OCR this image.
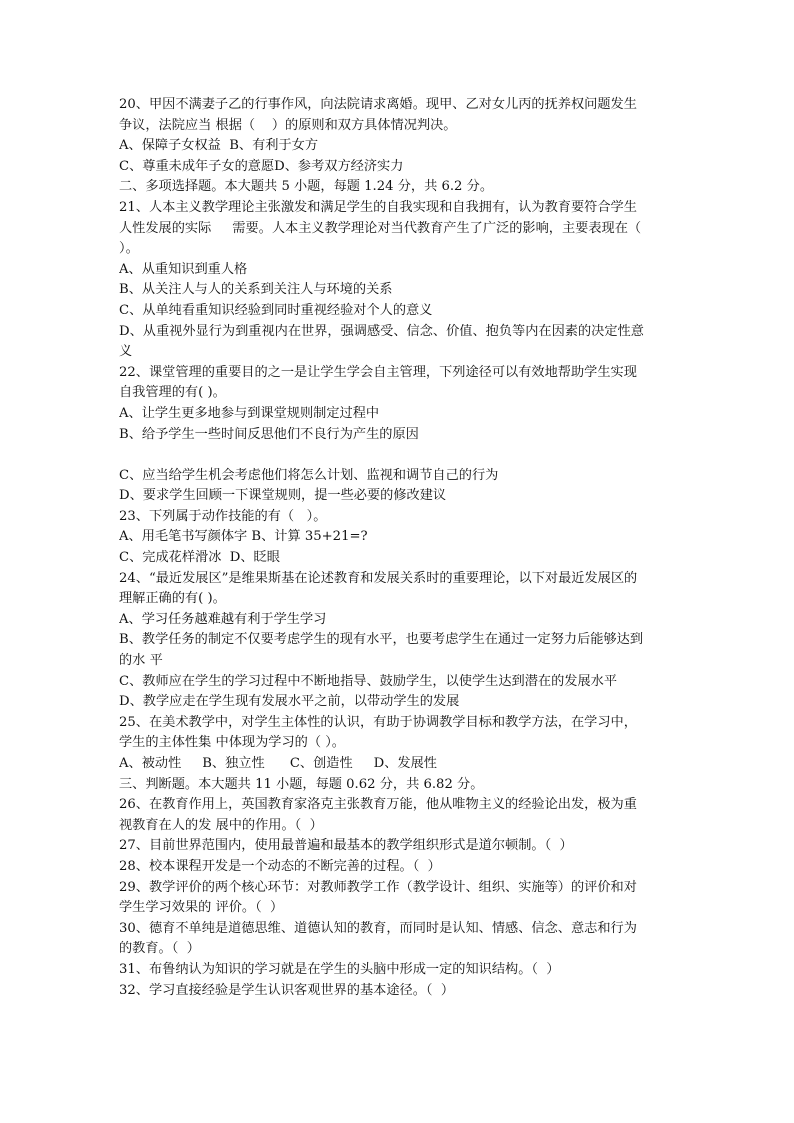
20、甲因不满妻子乙的行事作风，向法院请求离婚。现甲、乙对女儿丙的抚养权问题发生
争议，法院应当 根据（    ）的原则和双方具体情况判决。
A、保障子女权益  B、有利于女方
C、尊重未成年子女的意愿D、参考双方经济实力
二、多项选择题。本大题共 5 小题，每题 1.24 分，共 6.2 分。
21、人本主义教学理论主张激发和满足学生的自我实现和自我拥有，认为教育要符合学生
人性发展的实际     需要。人本主义教学理论对当代教育产生了广泛的影响，主要表现在（
）。
A、从重知识到重人格
B、从关注人与人的关系到关注人与环境的关系
C、从单纯看重知识经验到同时重视经验对个人的意义
D、从重视外显行为到重视内在世界，强调感受、信念、价值、抱负等内在因素的决定性意
义
22、课堂管理的重要目的之一是让学生学会自主管理，下列途径可以有效地帮助学生实现
自我管理的有( )。
A、让学生更多地参与到课堂规则制定过程中
B、给予学生一些时间反思他们不良行为产生的原因
C、应当给学生机会考虑他们将怎么计划、监视和调节自己的行为
D、要求学生回顾一下课堂规则，提一些必要的修改建议
23、下列属于动作技能的有（   ）。
A、用毛笔书写颜体字 B、计算 35+21=?
C、完成花样滑冰  D、眨眼
24、“最近发展区”是维果斯基在论述教育和发展关系时的重要理论，以下对最近发展区的
理解正确的有( )。
A、学习任务越难越有利于学生学习
B、教学任务的制定不仅要考虑学生的现有水平，也要考虑学生在通过一定努力后能够达到
的水 平
C、教师应在学生的学习过程中不断地指导、鼓励学生，以使学生达到潜在的发展水平
D、教学应走在学生现有发展水平之前，以带动学生的发展
25、在美术教学中，对学生主体性的认识，有助于协调教学目标和教学方法，在学习中，
学生的主体性集 中体现为学习的（ ）。
A、被动性     B、独立性      C、创造性     D、发展性
三、判断题。本大题共 11 小题，每题 0.62 分，共 6.82 分。
26、在教育作用上，英国教育家洛克主张教育万能，他从唯物主义的经验论出发，极为重
视教育在人的发 展中的作用。（  ）
27、目前世界范围内，使用最普遍和最基本的教学组织形式是道尔顿制。（  ）
28、校本课程开发是一个动态的不断完善的过程。（  ）
29、教学评价的两个核心环节：对教师教学工作（教学设计、组织、实施等）的评价和对
学生学习效果的 评价。（  ）
30、德育不单纯是道德思维、道德认知的教育，而同时是认知、情感、信念、意志和行为
的教育。（  ）
31、布鲁纳认为知识的学习就是在学生的头脑中形成一定的知识结构。（  ）
32、学习直接经验是学生认识客观世界的基本途径。（  ）
